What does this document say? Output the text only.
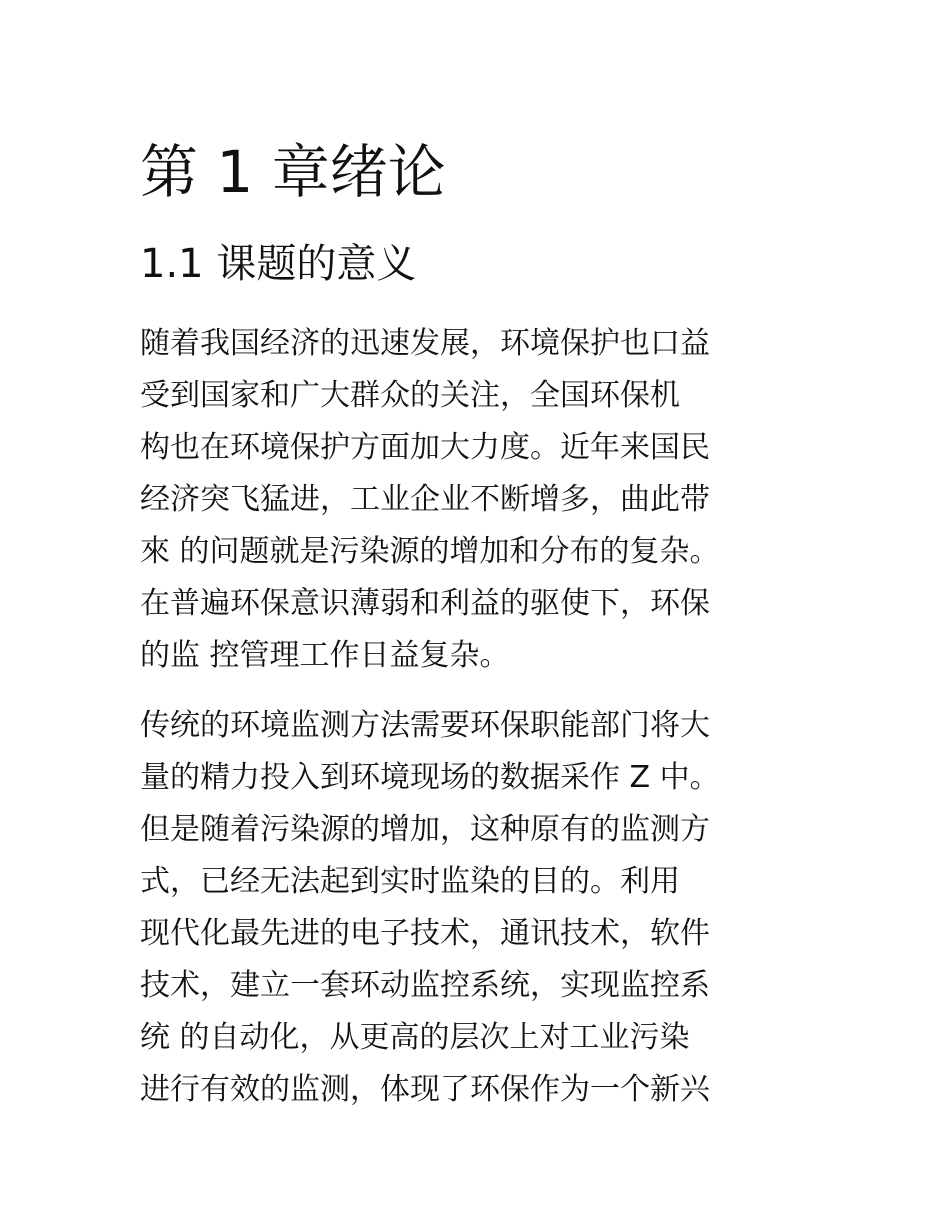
第 1 章绪论
1.1 课题的意义

随着我国经济的迅速发展，环境保护也口益
受到国家和广大群众的关注，全国环保机
构也在环境保护方面加大力度。近年来国民
经济突飞猛进，工业企业不断增多，曲此带
來 的问题就是污染源的增加和分布的复杂。
在普遍环保意识薄弱和利益的驱使下，环保
的监 控管理工作日益复杂。

传统的环境监测方法需要环保职能部门将大
量的精力投入到环境现场的数据采作 Z 中。
但是随着污染源的增加，这种原有的监测方
式，已经无法起到实时监染的目的。利用
现代化最先进的电子技术，通讯技术，软件
技术，建立一套环动监控系统，实现监控系
统 的自动化，从更高的层次上对工业污染
进行有效的监测，体现了环保作为一个新兴
